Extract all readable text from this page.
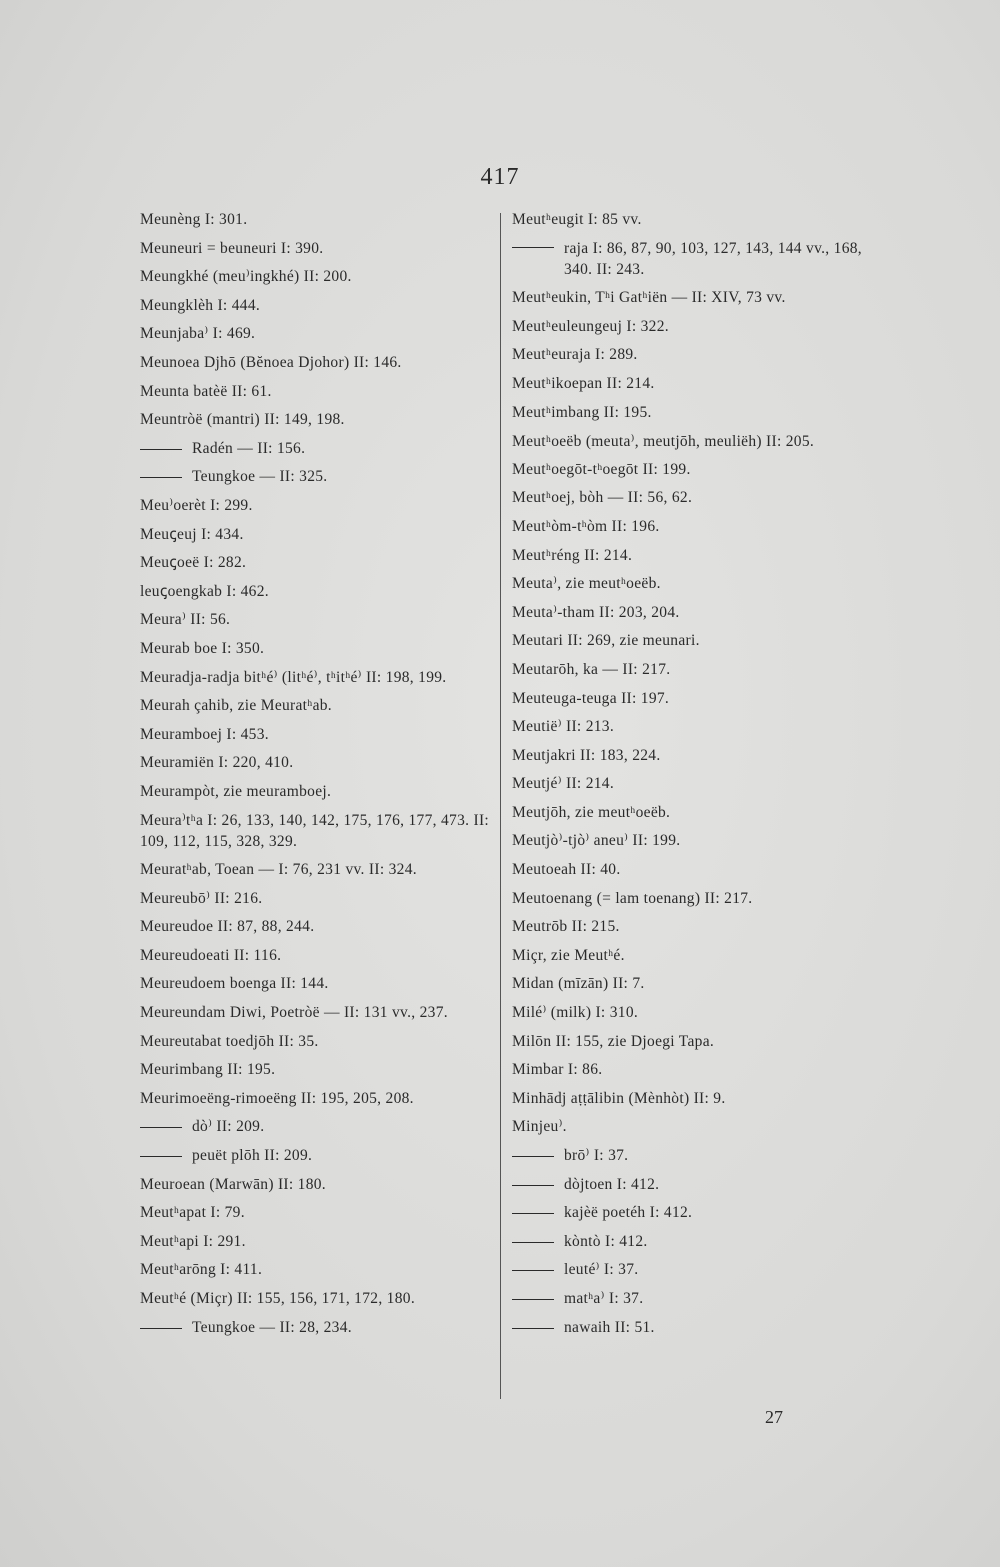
417
Meunèng I: 301.
Meuneuri = beuneuri I: 390.
Meungkhé (meu⁾ingkhé) II: 200.
Meungklèh I: 444.
Meunjaba⁾ I: 469.
Meunoea Djhō (Bĕnoea Djohor) II: 146.
Meunta batèë II: 61.
Meuntròë (mantri) II: 149, 198.
Radén — II: 156.
Teungkoe — II: 325.
Meu⁾oerèt I: 299.
Meuꞔeuj I: 434.
Meuꞔoeë I: 282.
leuꞔoengkab I: 462.
Meura⁾ II: 56.
Meurab boe I: 350.
Meuradja-radja bitʰé⁾ (litʰé⁾, tʰitʰé⁾ II: 198, 199.
Meurah çahib, zie Meuratʰab.
Meuramboej I: 453.
Meuramiën I: 220, 410.
Meurampòt, zie meuramboej.
Meura⁾tʰa I: 26, 133, 140, 142, 175, 176, 177, 473. II: 109, 112, 115, 328, 329.
Meuratʰab, Toean — I: 76, 231 vv. II: 324.
Meureubō⁾ II: 216.
Meureudoe II: 87, 88, 244.
Meureudoeati II: 116.
Meureudoem boenga II: 144.
Meureundam Diwi, Poetròë — II: 131 vv., 237.
Meureutabat toedjōh II: 35.
Meurimbang II: 195.
Meurimoeëng-rimoeëng II: 195, 205, 208.
dò⁾ II: 209.
peuët plōh II: 209.
Meuroean (Marwān) II: 180.
Meutʰapat I: 79.
Meutʰapi I: 291.
Meutʰarōng I: 411.
Meutʰé (Miçr) II: 155, 156, 171, 172, 180.
Teungkoe — II: 28, 234.
Meutʰeugit I: 85 vv.
raja I: 86, 87, 90, 103, 127, 143, 144 vv., 168, 340. II: 243.
Meutʰeukin, Tʰi Gatʰiën — II: XIV, 73 vv.
Meutʰeuleungeuj I: 322.
Meutʰeuraja I: 289.
Meutʰikoepan II: 214.
Meutʰimbang II: 195.
Meutʰoeëb (meuta⁾, meutjōh, meuliëh) II: 205.
Meutʰoegōt-tʰoegōt II: 199.
Meutʰoej, bòh — II: 56, 62.
Meutʰòm-tʰòm II: 196.
Meutʰréng II: 214.
Meuta⁾, zie meutʰoeëb.
Meuta⁾-tham II: 203, 204.
Meutari II: 269, zie meunari.
Meutarōh, ka — II: 217.
Meuteuga-teuga II: 197.
Meutië⁾ II: 213.
Meutjakri II: 183, 224.
Meutjé⁾ II: 214.
Meutjōh, zie meutʰoeëb.
Meutjò⁾-tjò⁾ aneu⁾ II: 199.
Meutoeah II: 40.
Meutoenang (= lam toenang) II: 217.
Meutrōb II: 215.
Miçr, zie Meutʰé.
Midan (mīzān) II: 7.
Milé⁾ (milk) I: 310.
Milōn II: 155, zie Djoegi Tapa.
Mimbar I: 86.
Minhādj aṭṭālibin (Mènhòt) II: 9.
Minjeu⁾.
brō⁾ I: 37.
dòjtoen I: 412.
kajèë poetéh I: 412.
kòntò I: 412.
leuté⁾ I: 37.
matʰa⁾ I: 37.
nawaih II: 51.
27
